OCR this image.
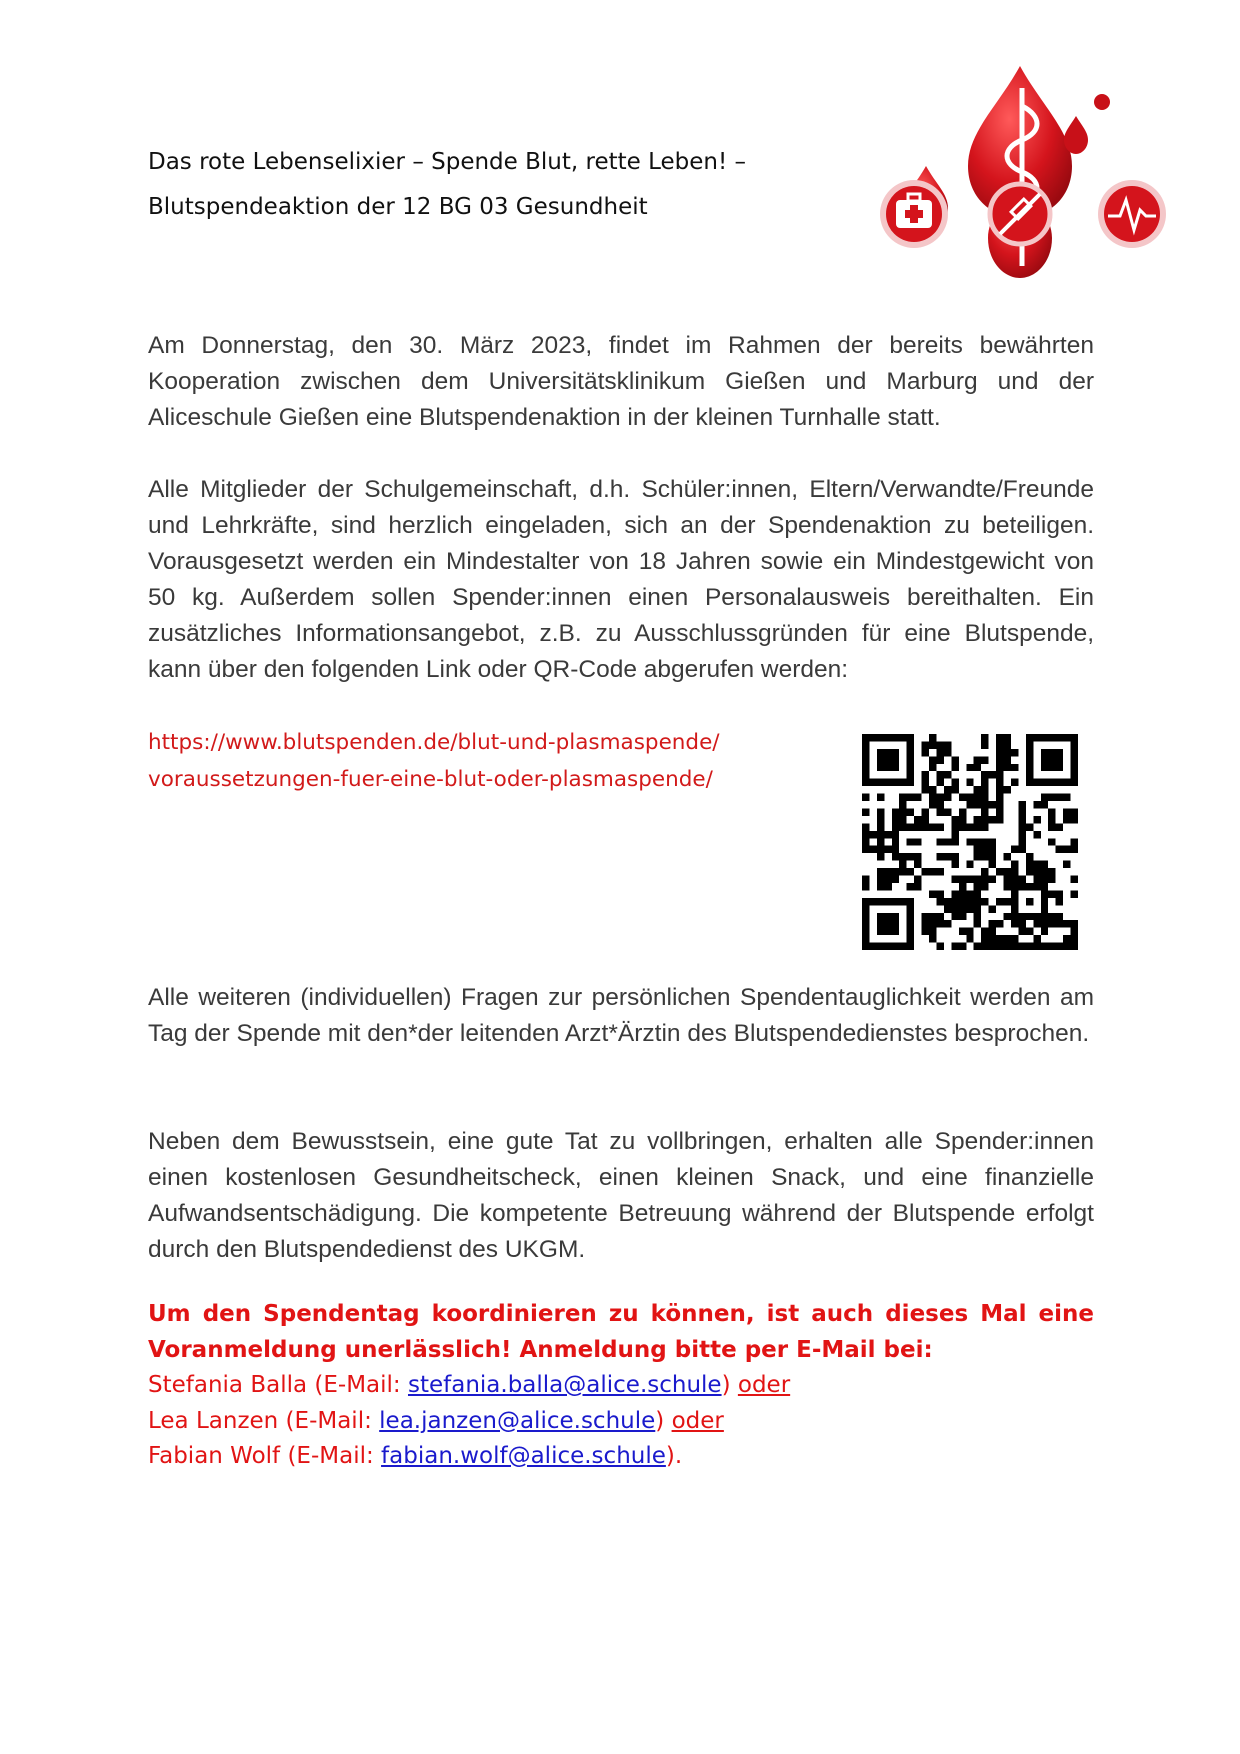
Das rote Lebenselixier – Spende Blut, rette Leben! –
Blutspendeaktion der 12 BG 03 Gesundheit

Am Donnerstag, den 30. März 2023, findet im Rahmen der bereits bewährten Kooperation zwischen dem Universitätsklinikum Gießen und Marburg und der Aliceschule Gießen eine Blutspendenaktion in der kleinen Turnhalle statt.

Alle Mitglieder der Schulgemeinschaft, d.h. Schüler:innen, Eltern/Verwandte/Freunde und Lehrkräfte, sind herzlich eingeladen, sich an der Spendenaktion zu beteiligen. Vorausgesetzt werden ein Mindestalter von 18 Jahren sowie ein Mindestgewicht von 50 kg. Außerdem sollen Spender:innen einen Personalausweis bereithalten. Ein zusätzliches Informationsangebot, z.B. zu Ausschlussgründen für eine Blutspende, kann über den folgenden Link oder QR-Code abgerufen werden:

https://www.blutspenden.de/blut-und-plasmaspende/
voraussetzungen-fuer-eine-blut-oder-plasmaspende/

Alle weiteren (individuellen) Fragen zur persönlichen Spendentauglichkeit werden am Tag der Spende mit den*der leitenden Arzt*Ärztin des Blutspendedienstes besprochen.

Neben dem Bewusstsein, eine gute Tat zu vollbringen, erhalten alle Spender:innen einen kostenlosen Gesundheitscheck, einen kleinen Snack, und eine finanzielle Aufwandsentschädigung. Die kompetente Betreuung während der Blutspende erfolgt durch den Blutspendedienst des UKGM.

Um den Spendentag koordinieren zu können, ist auch dieses Mal eine Voranmeldung unerlässlich! Anmeldung bitte per E-Mail bei:

Stefania Balla (E-Mail: stefania.balla@alice.schule) oder
Lea Lanzen (E-Mail: lea.janzen@alice.schule) oder
Fabian Wolf (E-Mail: fabian.wolf@alice.schule).
